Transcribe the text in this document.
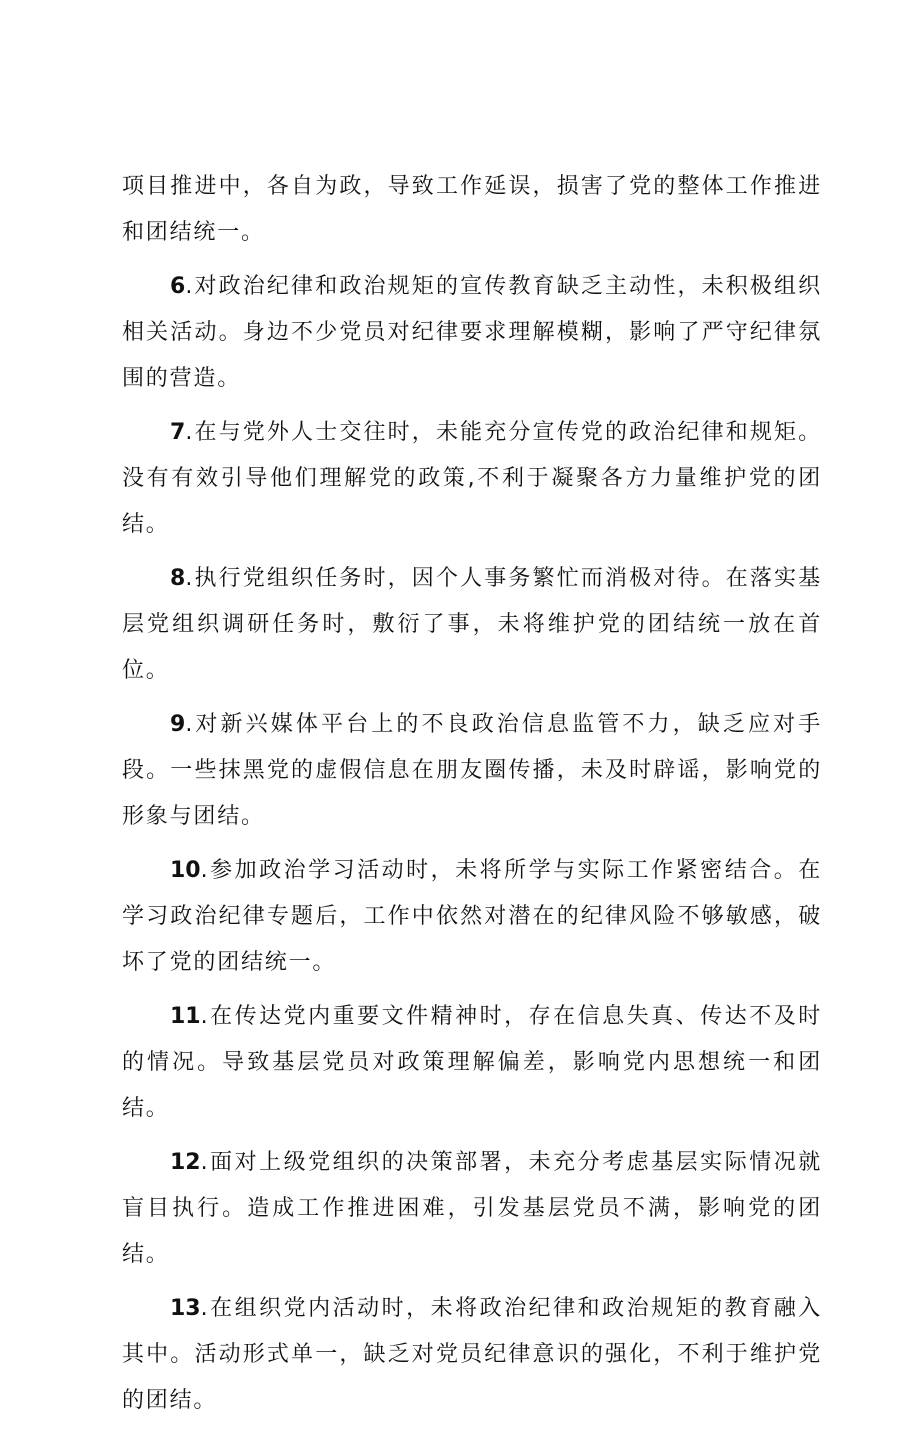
项目推进中，各自为政，导致工作延误，损害了党的整体工作推进和团结统一。

6.对政治纪律和政治规矩的宣传教育缺乏主动性，未积极组织相关活动。身边不少党员对纪律要求理解模糊，影响了严守纪律氛围的营造。

7.在与党外人士交往时，未能充分宣传党的政治纪律和规矩。没有有效引导他们理解党的政策,不利于凝聚各方力量维护党的团结。

8.执行党组织任务时，因个人事务繁忙而消极对待。在落实基层党组织调研任务时，敷衍了事，未将维护党的团结统一放在首位。

9.对新兴媒体平台上的不良政治信息监管不力，缺乏应对手段。一些抹黑党的虚假信息在朋友圈传播，未及时辟谣，影响党的形象与团结。

10.参加政治学习活动时，未将所学与实际工作紧密结合。在学习政治纪律专题后，工作中依然对潜在的纪律风险不够敏感，破坏了党的团结统一。

11.在传达党内重要文件精神时，存在信息失真、传达不及时的情况。导致基层党员对政策理解偏差，影响党内思想统一和团结。

12.面对上级党组织的决策部署，未充分考虑基层实际情况就盲目执行。造成工作推进困难，引发基层党员不满，影响党的团结。

13.在组织党内活动时，未将政治纪律和政治规矩的教育融入其中。活动形式单一，缺乏对党员纪律意识的强化，不利于维护党的团结。
